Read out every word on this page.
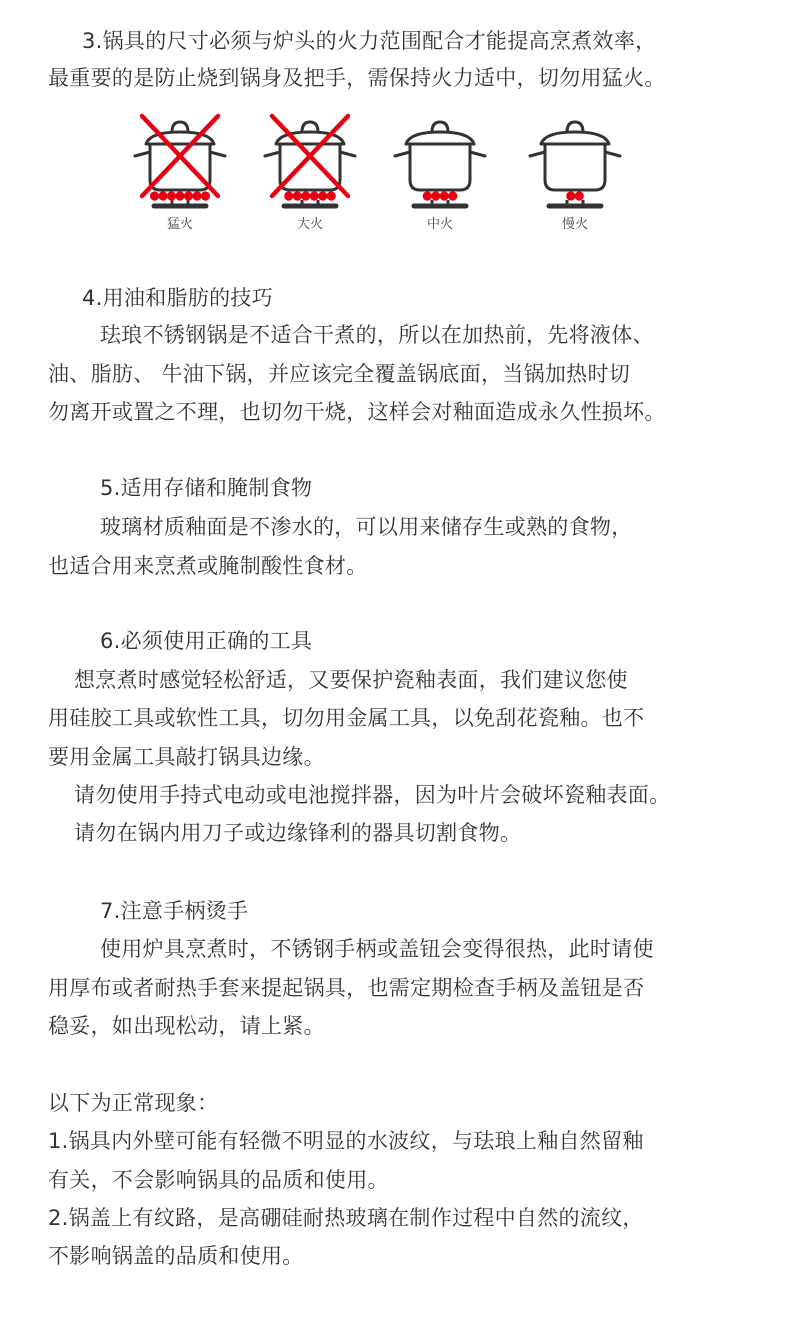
3.锅具的尺寸必须与炉头的火力范围配合才能提高烹煮效率，
最重要的是防止烧到锅身及把手，需保持火力适中，切勿用猛火。
猛火	大火	中火	慢火
4.用油和脂肪的技巧
珐琅不锈钢锅是不适合干煮的，所以在加热前，先将液体、
油、脂肪、 牛油下锅，并应该完全覆盖锅底面，当锅加热时切
勿离开或置之不理，也切勿干烧，这样会对釉面造成永久性损坏。
5.适用存储和腌制食物
玻璃材质釉面是不渗水的，可以用来储存生或熟的食物，
也适合用来烹煮或腌制酸性食材。
6.必须使用正确的工具
想烹煮时感觉轻松舒适，又要保护瓷釉表面，我们建议您使
用硅胶工具或软性工具，切勿用金属工具，以免刮花瓷釉。也不
要用金属工具敲打锅具边缘。
请勿使用手持式电动或电池搅拌器，因为叶片会破坏瓷釉表面。
请勿在锅内用刀子或边缘锋利的器具切割食物。
7.注意手柄烫手
使用炉具烹煮时，不锈钢手柄或盖钮会变得很热，此时请使
用厚布或者耐热手套来提起锅具，也需定期检查手柄及盖钮是否
稳妥，如出现松动，请上紧。
以下为正常现象：
1.锅具内外壁可能有轻微不明显的水波纹，与珐琅上釉自然留釉
有关，不会影响锅具的品质和使用。
2.锅盖上有纹路，是高硼硅耐热玻璃在制作过程中自然的流纹，
不影响锅盖的品质和使用。
